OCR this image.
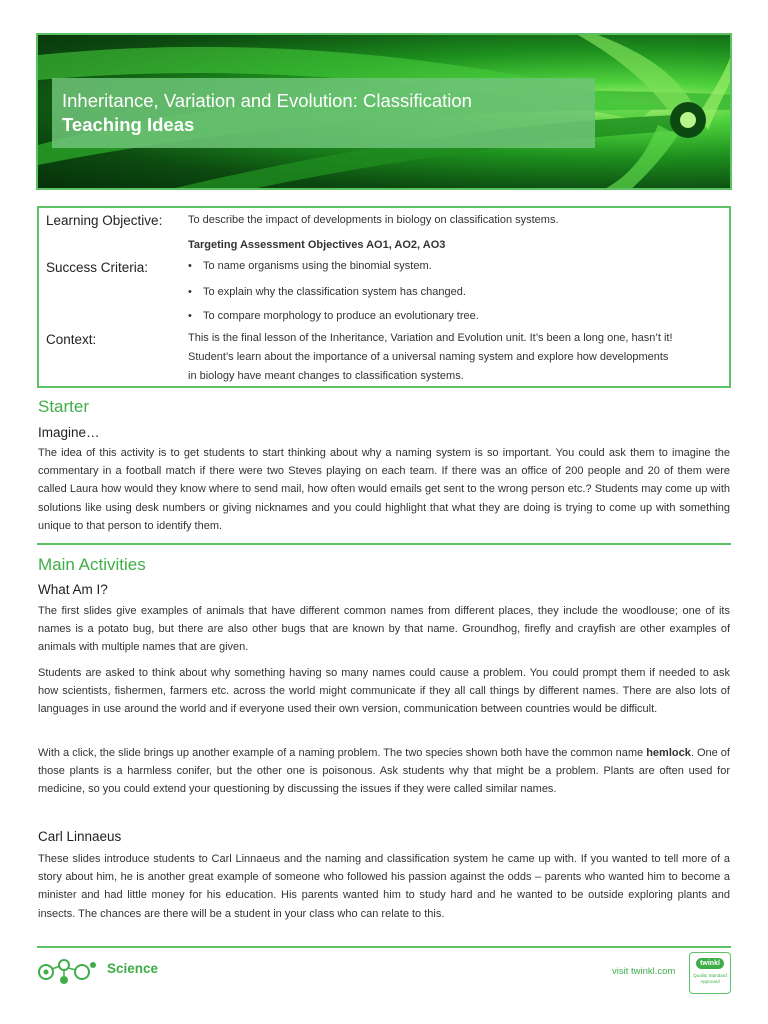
Inheritance, Variation and Evolution: Classification
Teaching Ideas
Learning Objective: To describe the impact of developments in biology on classification systems.
Targeting Assessment Objectives AO1, AO2, AO3
Success Criteria:	• To name organisms using the binomial system.
• To explain why the classification system has changed.
• To compare morphology to produce an evolutionary tree.
Context:	This is the final lesson of the Inheritance, Variation and Evolution unit. It’s been a long one, hasn’t it!
Student’s learn about the importance of a universal naming system and explore how developments
in biology have meant changes to classification systems.
Starter
Imagine…
The idea of this activity is to get students to start thinking about why a naming system is so important. You could ask them to imagine the commentary in a football match if there were two Steves playing on each team. If there was an office of 200 people and 20 of them were called Laura how would they know where to send mail, how often would emails get sent to the wrong person etc.? Students may come up with solutions like using desk numbers or giving nicknames and you could highlight that what they are doing is trying to come up with something unique to that person to identify them.
Main Activities
What Am I?
The first slides give examples of animals that have different common names from different places, they include the woodlouse; one of its names is a potato bug, but there are also other bugs that are known by that name. Groundhog, firefly and crayfish are other examples of animals with multiple names that are given.
Students are asked to think about why something having so many names could cause a problem. You could prompt them if needed to ask how scientists, fishermen, farmers etc. across the world might communicate if they all call things by different names. There are also lots of languages in use around the world and if everyone used their own version, communication between countries would be difficult.
With a click, the slide brings up another example of a naming problem. The two species shown both have the common name hemlock. One of those plants is a harmless conifer, but the other one is poisonous. Ask students why that might be a problem. Plants are often used for medicine, so you could extend your questioning by discussing the issues if they were called similar names.
Carl Linnaeus
These slides introduce students to Carl Linnaeus and the naming and classification system he came up with. If you wanted to tell more of a story about him, he is another great example of someone who followed his passion against the odds – parents who wanted him to become a minister and had little money for his education. His parents wanted him to study hard and he wanted to be outside exploring plants and insects. The chances are there will be a student in your class who can relate to this.
Science	visit twinkl.com
twinkl
Quality Standard Approved
